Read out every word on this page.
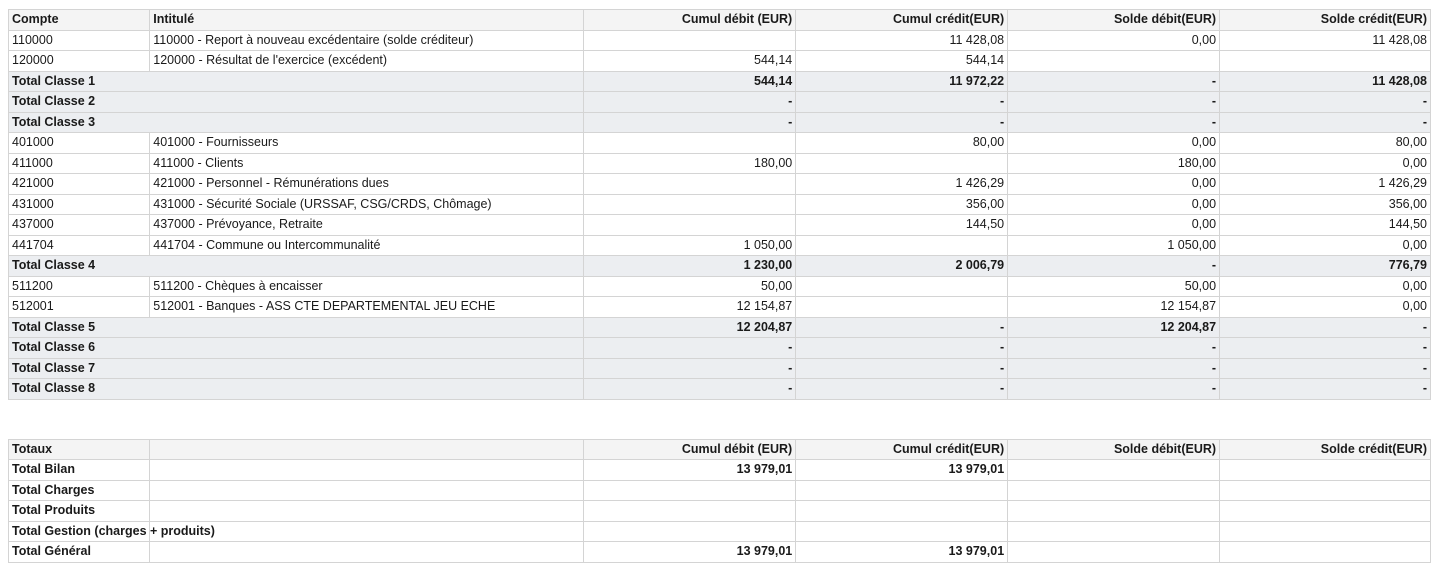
Compte	Intitulé	Cumul débit (EUR)	Cumul crédit(EUR)	Solde débit(EUR)	Solde crédit(EUR)
110000	110000 - Report à nouveau excédentaire (solde créditeur)		11 428,08	0,00	11 428,08
120000	120000 - Résultat de l'exercice (excédent)	544,14	544,14		
Total Classe 1		544,14	11 972,22	-	11 428,08
Total Classe 2		-	-	-	-
Total Classe 3		-	-	-	-
401000	401000 - Fournisseurs		80,00	0,00	80,00
411000	411000 - Clients	180,00		180,00	0,00
421000	421000 - Personnel - Rémunérations dues		1 426,29	0,00	1 426,29
431000	431000 - Sécurité Sociale (URSSAF, CSG/CRDS, Chômage)		356,00	0,00	356,00
437000	437000 - Prévoyance, Retraite		144,50	0,00	144,50
441704	441704 - Commune ou Intercommunalité	1 050,00		1 050,00	0,00
Total Classe 4		1 230,00	2 006,79	-	776,79
511200	511200 - Chèques à encaisser	50,00		50,00	0,00
512001	512001 - Banques - ASS CTE DEPARTEMENTAL JEU ECHE	12 154,87		12 154,87	0,00
Total Classe 5		12 204,87	-	12 204,87	-
Total Classe 6		-	-	-	-
Total Classe 7		-	-	-	-
Total Classe 8		-	-	-	-
Totaux		Cumul débit (EUR)	Cumul crédit(EUR)	Solde débit(EUR)	Solde crédit(EUR)
Total Bilan		13 979,01	13 979,01		
Total Charges					
Total Produits					
Total Gestion (charges + produits)					
Total Général		13 979,01	13 979,01		
